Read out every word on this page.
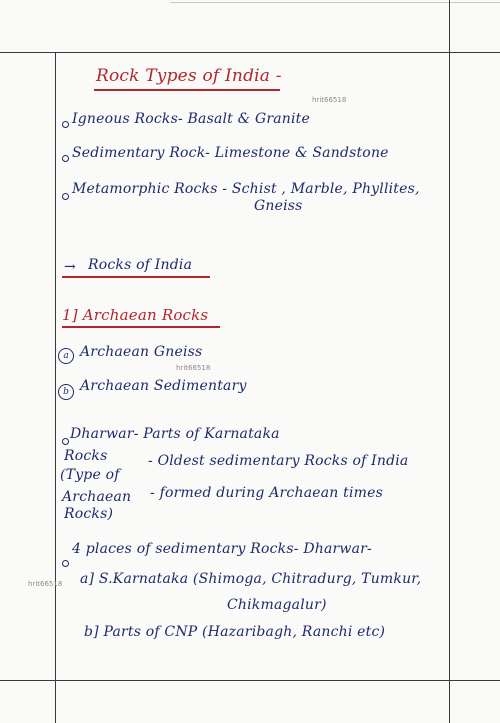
Rock Types of India -
hrit66518
Igneous Rocks- Basalt & Granite
Sedimentary Rock- Limestone & Sandstone
Metamorphic Rocks - Schist , Marble, Phyllites,
Gneiss
→ Rocks of India
1] Archaean Rocks
a Archaean Gneiss
hrit66518
b Archaean Sedimentary
Dharwar- Parts of Karnataka
Rocks
(Type of
- Oldest sedimentary Rocks of India
Archaean - formed during Archaean times
Rocks)
4 places of sedimentary Rocks- Dharwar-
hrit66518 a] S.Karnataka (Shimoga, Chitradurg, Tumkur,
Chikmagalur)
b] Parts of CNP (Hazaribagh, Ranchi etc)
